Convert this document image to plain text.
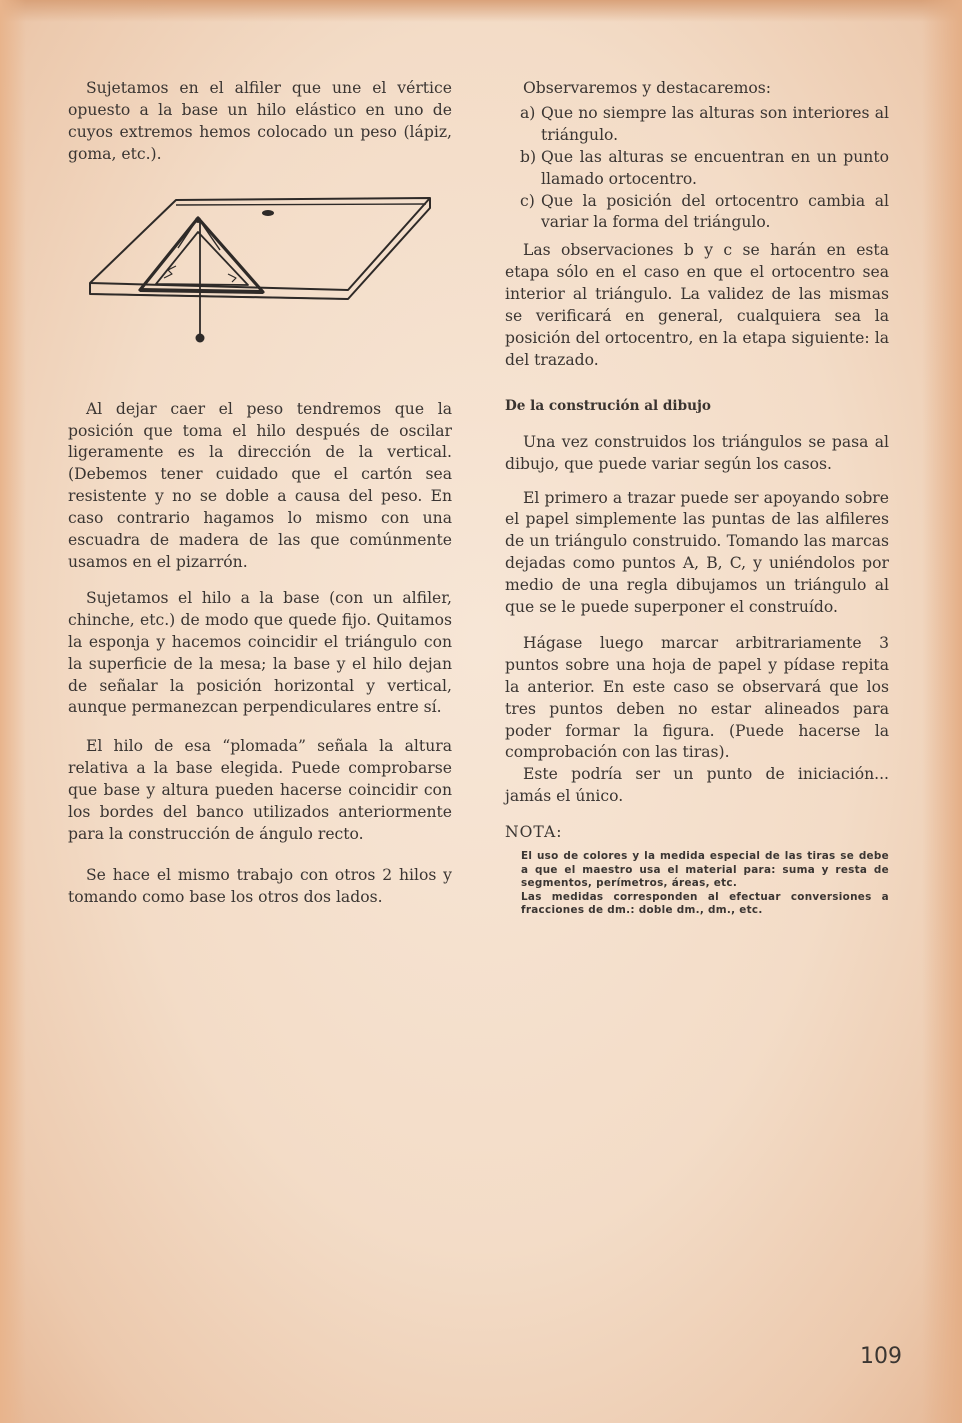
Sujetamos en el alfiler que une el vértice opuesto a la base un hilo elástico en uno de cuyos extremos hemos colocado un peso (lápiz, goma, etc.).

Al dejar caer el peso tendremos que la posición que toma el hilo después de oscilar ligeramente es la dirección de la vertical. (Debemos tener cuidado que el cartón sea resistente y no se doble a causa del peso. En caso contrario hagamos lo mismo con una escuadra de madera de las que comúnmente usamos en el pizarrón.

Sujetamos el hilo a la base (con un alfiler, chinche, etc.) de modo que quede fijo. Quitamos la esponja y hacemos coincidir el triángulo con la superficie de la mesa; la base y el hilo dejan de señalar la posición horizontal y vertical, aunque permanezcan perpendiculares entre sí.

El hilo de esa “plomada” señala la altura relativa a la base elegida. Puede comprobarse que base y altura pueden hacerse coincidir con los bordes del banco utilizados anteriormente para la construcción de ángulo recto.

Se hace el mismo trabajo con otros 2 hilos y tomando como base los otros dos lados.

Observaremos y destacaremos:

a) Que no siempre las alturas son interiores al triángulo.
b) Que las alturas se encuentran en un punto llamado ortocentro.
c) Que la posición del ortocentro cambia al variar la forma del triángulo.

Las observaciones b y c se harán en esta etapa sólo en el caso en que el ortocentro sea interior al triángulo. La validez de las mismas se verificará en general, cualquiera sea la posición del ortocentro, en la etapa siguiente: la del trazado.

De la construción al dibujo

Una vez construidos los triángulos se pasa al dibujo, que puede variar según los casos.

El primero a trazar puede ser apoyando sobre el papel simplemente las puntas de las alfileres de un triángulo construido. Tomando las marcas dejadas como puntos A, B, C, y uniéndolos por medio de una regla dibujamos un triángulo al que se le puede superponer el construído.

Hágase luego marcar arbitrariamente 3 puntos sobre una hoja de papel y pídase repita la anterior. En este caso se observará que los tres puntos deben no estar alineados para poder formar la figura. (Puede hacerse la comprobación con las tiras).

Este podría ser un punto de iniciación... jamás el único.

NOTA:
El uso de colores y la medida especial de las tiras se debe a que el maestro usa el material para: suma y resta de segmentos, perímetros, áreas, etc.
Las medidas corresponden al efectuar conversiones a fracciones de dm.: doble dm., dm., etc.
109
